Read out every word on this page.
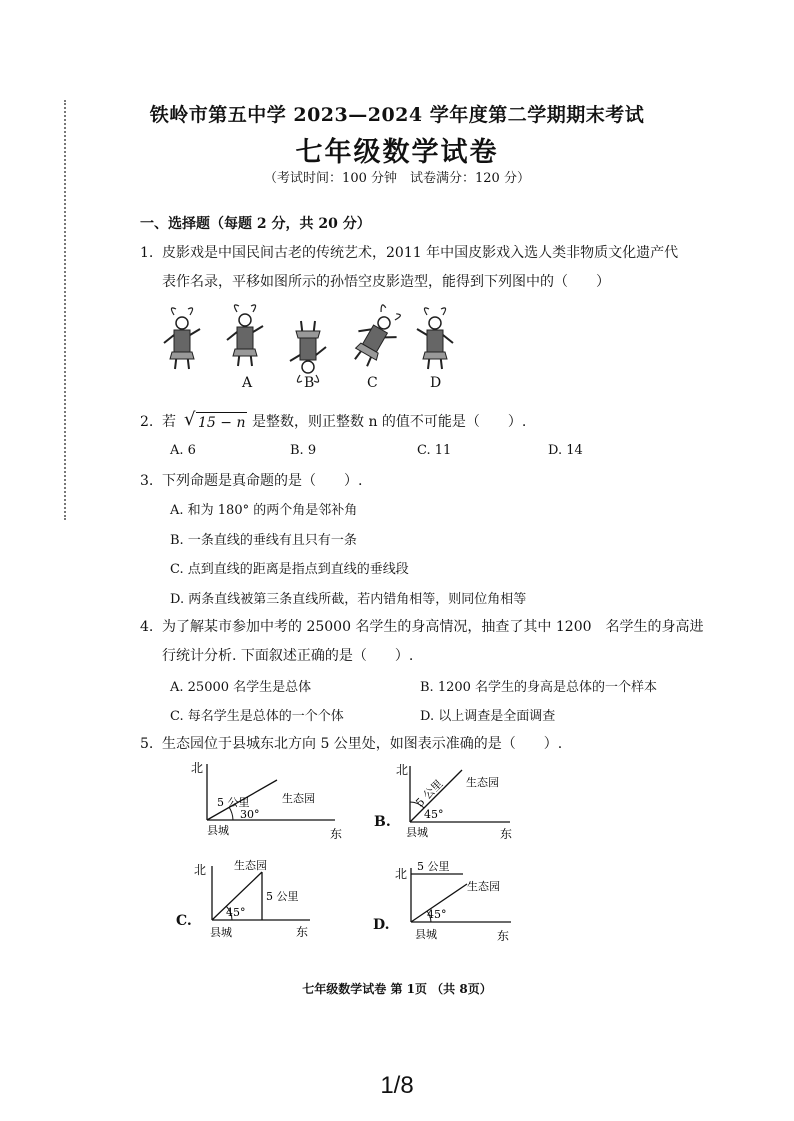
铁岭市第五中学 2023—2024 学年度第二学期期末考试
七年级数学试卷
（考试时间：100 分钟　试卷满分：120 分）
一、选择题（每题 2 分，共 20 分）
1. 皮影戏是中国民间古老的传统艺术，2011 年中国皮影戏入选人类非物质文化遗产代
表作名录，平移如图所示的孙悟空皮影造型，能得到下列图中的（　　）
A	B	C	D
2. 若 √ 15 − n 是整数，则正整数 n 的值不可能是（　　）.
A. 6	B. 9	C. 11	D. 14
3. 下列命题是真命题的是（　　）.
A. 和为 180° 的两个角是邻补角
B. 一条直线的垂线有且只有一条
C. 点到直线的距离是指点到直线的垂线段
D. 两条直线被第三条直线所截，若内错角相等，则同位角相等
4. 为了解某市参加中考的 25000 名学生的身高情况，抽查了其中 1200　名学生的身高进
行统计分析. 下面叙述正确的是（　　）.
A. 25000 名学生是总体	B. 1200 名学生的身高是总体的一个样本
C. 每名学生是总体的一个个体	D. 以上调查是全面调查
5. 生态园位于县城东北方向 5 公里处，如图表示准确的是（　　）.
北
东
县城
生态园
5 公里
30°	B.
北
东
县城
生态园
5 公里
45°
C.
北
东
县城
生态园
5 公里
45°
D.
北
东
县城
生态园
5 公里
45°
七年级数学试卷 第 1页 （共 8页）
1/8
